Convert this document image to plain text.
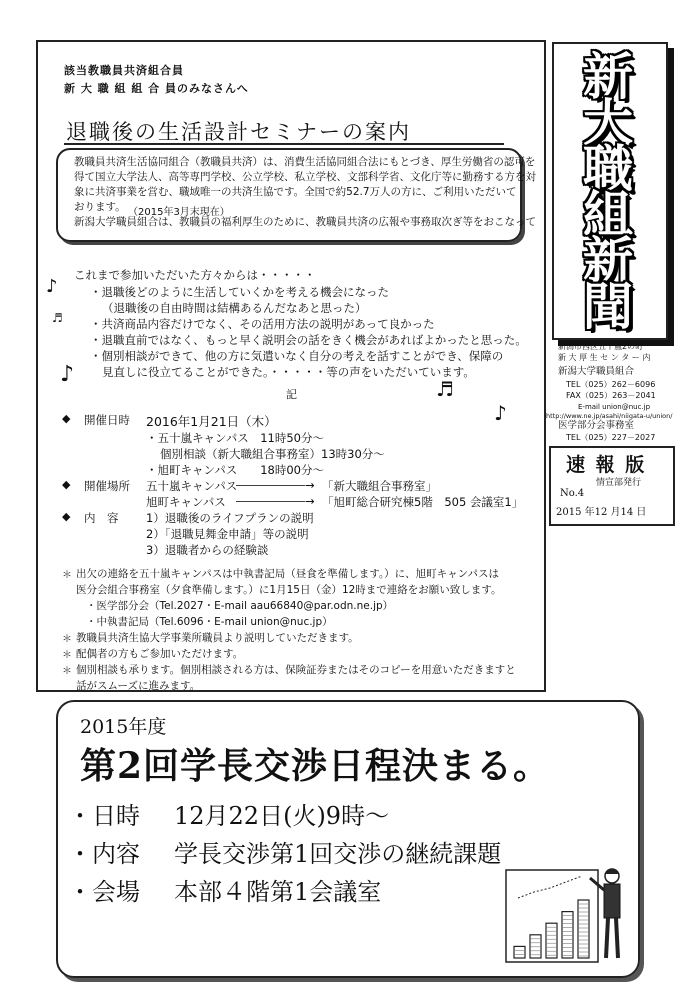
該当教職員共済組合員
新 大 職 組 組 合 員のみなさんへ
退職後の生活設計セミナーの案内
教職員共済生活協同組合（教職員共済）は、消費生活協同組合法にもとづき、厚生労働省の認可を
得て国立大学法人、高等専門学校、公立学校、私立学校、文部科学省、文化庁等に勤務する方を対
象に共済事業を営む、職域唯一の共済生協です。全国で約52.7万人の方に、ご利用いただいて
おります。 （2015年3月末現在）
新潟大学職員組合は、教職員の福利厚生のために、教職員共済の広報や事務取次ぎ等をおこなって
これまで参加いただいた方々からは・・・・・
♪	・退職後どのように生活していくかを考える機会になった
（退職後の自由時間は結構あるんだなあと思った）
♬ ・共済商品内容だけでなく、その活用方法の説明があって良かった
・退職直前ではなく、もっと早く説明会の話をきく機会があればよかったと思った。
・個別相談ができて、他の方に気遣いなく自分の考えを話すことができ、保障の
見直しに役立てることができた。・・・・・等の声をいただいています。
♪
♬
♪
記
◆ 開催日時 2016年1月21日（木）
・五十嵐キャンパス　11時50分～
個別相談（新大職組合事務室）13時30分～
・旭町キャンパス　　18時00分～
◆ 開催場所 五十嵐キャンパス
――――――→ 「新大職組合事務室」
旭町キャンパス ――――――→ 「旭町総合研究棟5階　505 会議室1」
◆ 内　容 1）退職後のライフプランの説明
2）「退職見舞金申請」等の説明
3）退職者からの経験談
＊ 出欠の連絡を五十嵐キャンパスは中執書記局（昼食を準備します。）に、旭町キャンパスは
医分会組合事務室（夕食準備します。）に1月15日（金）12時まで連絡をお願い致します。
・医学部分会（Tel.2027・E-mail aau66840@par.odn.ne.jp）
・中執書記局（Tel.6096・E-mail union@nuc.jp）
＊ 教職員共済生協大学事業所職員より説明していただきます。
＊ 配偶者の方もご参加いただけます。
＊ 個別相談も承ります。個別相談される方は、保険証券またはそのコピーを用意いただきますと
話がスムーズに進みます。
新
大
職
組
新
聞
新潟市西区五十嵐2の町
新 大 厚 生 セ ン タ ー 内
新潟大学職員組合
TEL（025）262－6096
FAX（025）263－2041
E-mail union@nuc.jp
http://www.ne.jp/asahi/niigata-u/union/
医学部分会事務室
TEL（025）227－2027
速 報 版
情宣部発行
No.4
2015 年12 月14 日
2015年度
第2回学長交渉日程決まる。
・日時 12月22日(火)9時～
・内容 学長交渉第1回交渉の継続課題
・会場 本部４階第1会議室
